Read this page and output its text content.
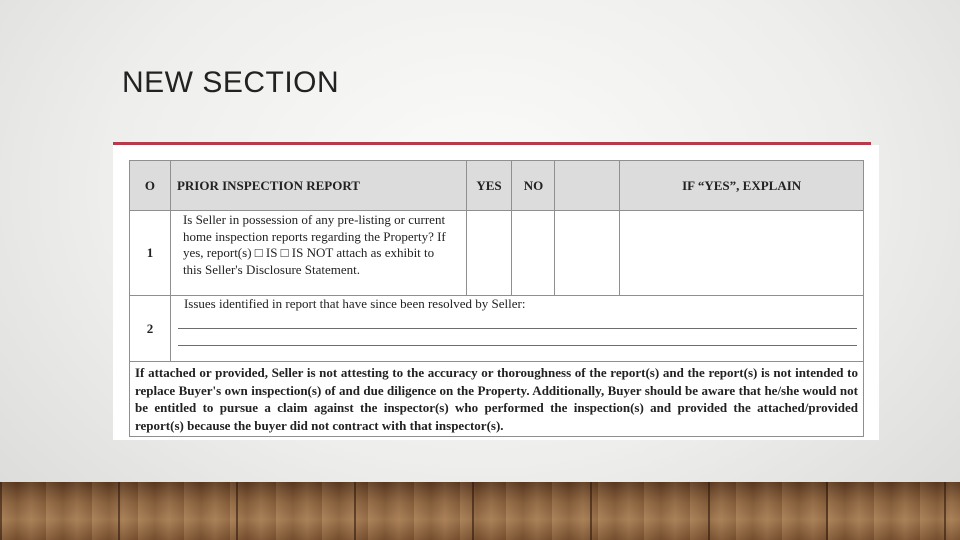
NEW SECTION
O	PRIOR INSPECTION REPORT	YES	NO		IF “YES”, EXPLAIN
1	Is Seller in possession of any pre-listing or current home inspection reports regarding the Property? If yes, report(s) □ IS □ IS NOT attach as exhibit to this Seller's Disclosure Statement.				
2	Issues identified in report that have since been resolved by Seller:				

If attached or provided, Seller is not attesting to the accuracy or thoroughness of the report(s) and the report(s) is not intended to replace Buyer's own inspection(s) of and due diligence on the Property. Additionally, Buyer should be aware that he/she would not be entitled to pursue a claim against the inspector(s) who performed the inspection(s) and provided the attached/provided report(s) because the buyer did not contract with that inspector(s).					
